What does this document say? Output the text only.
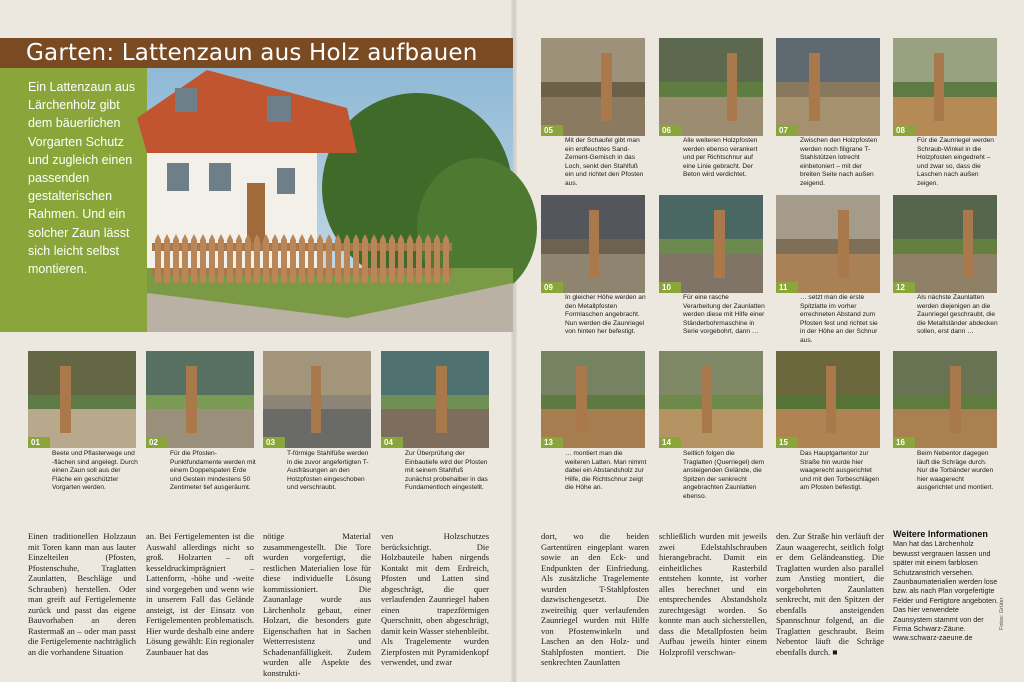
Garten: Lattenzaun aus Holz aufbauen
Ein Lattenzaun aus Lärchenholz gibt dem bäuerlichen Vorgarten Schutz und zugleich einen passenden gestalterischen Rahmen. Und ein solcher Zaun lässt sich leicht selbst montieren.
01
Beete und Pflasterwege und -flächen sind angelegt. Durch einen Zaun soll aus der Fläche ein geschützter Vorgarten werden.
02
Für die Pfosten-Punktfundamente werden mit einem Doppelspaten Erde und Gestein mindestens 50 Zentimeter tief ausgeräumt.
03
T-förmige Stahlfüße werden in die zuvor angefertigten T-Ausfräsungen an den Holzpfosten eingeschoben und verschraubt.
04
Zur Überprüfung der Einbautiefe wird der Pfosten mit seinem Stahlfuß zunächst probehalber in das Fundamentloch eingestellt.
05
Mit der Schaufel gibt man ein erdfeuchtes Sand-Zement-Gemisch in das Loch, senkt den Stahlfuß ein und richtet den Pfosten aus.
06
Alle weiteren Holzpfosten werden ebenso verankert und per Richtschnur auf eine Linie gebracht. Der Beton wird verdichtet.
07
Zwischen den Holzpfosten werden noch filigrane T-Stahlstützen lotrecht einbetoniert – mit der breiten Seite nach außen zeigend.
08
Für die Zaunriegel werden Schraub-Winkel in die Holzpfosten eingedreht – und zwar so, dass die Laschen nach außen zeigen.
09
In gleicher Höhe werden an den Metallpfosten Formlaschen angebracht. Nun werden die Zaunriegel von hinten her befestigt.
10
Für eine rasche Verarbeitung der Zaunlatten werden diese mit Hilfe einer Ständerbohrmaschine in Serie vorgebohrt, dann …
11
… setzt man die erste Spitzlatte im vorher errechneten Abstand zum Pfosten fest und richtet sie in der Höhe an der Schnur aus.
12
Als nächste Zaunlatten werden diejenigen an die Zaunriegel geschraubt, die die Metallständer abdecken sollen, erst dann …
13
… montiert man die weiteren Latten. Man nimmt dabei ein Abstandsholz zur Hilfe, die Richtschnur zeigt die Höhe an.
14
Seitlich folgen die Traglatten (Querriegel) dem ansteigenden Gelände, die Spitzen der senkrecht angebrachten Zaunlatten ebenso.
15
Das Hauptgartentor zur Straße hin wurde hier waagerecht ausgerichtet und mit den Torbeschlägen am Pfosten befestigt.
16
Beim Nebentor dagegen läuft die Schräge durch. Nur die Torbänder wurden hier waagerecht ausgerichtet und montiert.
Einen traditionellen Holzzaun mit Toren kann man aus lauter Einzelteilen (Pfosten, Pfostenschuhe, Traglatten Zaunlatten, Beschläge und Schrauben) herstellen. Oder man greift auf Fertigelemente zurück und passt das eigene Bauvorhaben an deren Rastermaß an – oder man passt die Fertigelemente nachträglich an die vorhandene Situation
an. Bei Fertigelementen ist die Auswahl allerdings nicht so groß. Holzarten – oft kesseldruckimprägniert – Lattenform, -höhe und -weite sind vorgegeben und wenn wie in unserem Fall das Gelände ansteigt, ist der Einsatz von Fertigelementen problematisch. Hier wurde deshalb eine andere Lösung gewählt: Ein regionaler Zaunbauer hat das
nötige Material zusammengestellt. Die Tore wurden vorgefertigt, die restlichen Materialien lose für diese individuelle Lösung kommissioniert. Die Zaunanlage wurde aus Lärchenholz gebaut, einer Holzart, die besonders gute Eigenschaften hat in Sachen Wetterresistenz und Schadenanfälligkeit. Zudem wurden alle Aspekte des konstrukti-
ven Holzschutzes berücksichtigt. Die Holzbauteile haben nirgends Kontakt mit dem Erdreich, Pfosten und Latten sind abgeschrägt, die quer verlaufenden Zaunriegel haben einen trapezförmigen Querschnitt, oben abgeschrägt, damit kein Wasser stehenbleibt. Als Tragelemente wurden Zierpfosten mit Pyramidenkopf verwendet, und zwar
dort, wo die beiden Gartentüren eingeplant waren sowie an den Eck- und Endpunkten der Einfriedung. Als zusätzliche Tragelemente wurden T-Stahlpfosten dazwischengesetzt. Die zweireihig quer verlaufenden Zaunriegel wurden mit Hilfe von Pfostenwinkeln und Laschen an den Holz- und Stahlpfosten montiert. Die senkrechten Zaunlatten
schließlich wurden mit jeweils zwei Edelstahlschrauben hierangebracht. Damit ein einheitliches Rasterbild entstehen konnte, ist vorher alles berechnet und ein entsprechendes Abstandsholz zurechtgesägt worden. So konnte man auch sicherstellen, dass die Metallpfosten beim Aufbau jeweils hinter einem Holzprofil verschwan-
den. Zur Straße hin verläuft der Zaun waagerecht, seitlich folgt er dem Geländeanstieg. Die Traglatten wurden also parallel zum Anstieg montiert, die vorgebohrten Zaunlatten senkrecht, mit den Spitzen der ebenfalls ansteigenden Spannschnur folgend, an die Traglatten geschraubt. Beim Nebentor läuft die Schräge ebenfalls durch. ■
Weitere Informationen
Man hat das Lärchenholz bewusst vergrauen lassen und später mit einem farblosen Schutzanstrich versehen. Zaunbaumaterialien werden lose bzw. als nach Plan vorgefertigte Felder und Fertigtore angeboten. Das hier verwendete Zaunsystem stammt von der Firma Schwarz-Zäune. www.schwarz-zaeune.de
Fotos: Grüter
